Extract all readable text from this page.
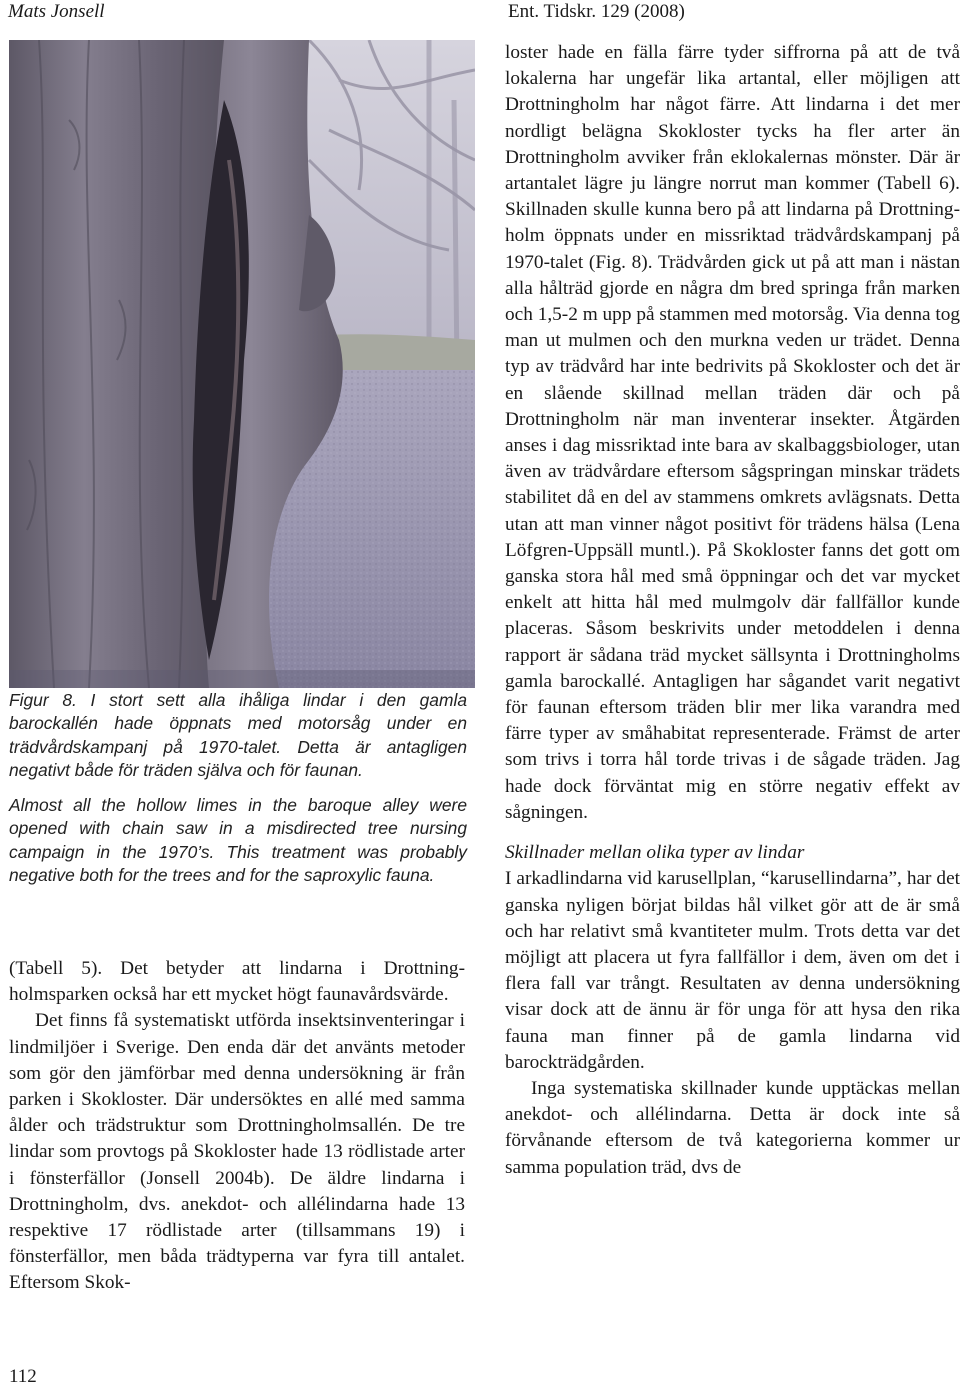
Mats Jonsell	Ent. Tidskr. 129 (2008)
Figur 8. I stort sett alla ihåliga lindar i den gamla barockallén hade öppnats med motorsåg under en trädvårdskampanj på 1970-talet. Detta är antagligen negativt både för träden själva och för faunan.
Almost all the hollow limes in the baroque alley were opened with chain saw in a misdirected tree nursing campaign in the 1970’s. This treatment was probably negative both for the trees and for the saproxylic fauna.

(Tabell 5). Det betyder att lindarna i Drottningholmsparken också har ett mycket högt faunavårdsvärde.

Det finns få systematiskt utförda insektsinventeringar i lindmiljöer i Sverige. Den enda där det använts metoder som gör den jämförbar med denna undersökning är från parken i Skokloster. Där undersöktes en allé med samma ålder och trädstruktur som Drottningholmsallén. De tre lindar som provtogs på Skokloster hade 13 rödlistade arter i fönsterfällor (Jonsell 2004b). De äldre lindarna i Drottningholm, dvs. anekdot- och allélindarna hade 13 respektive 17 rödlistade arter (tillsammans 19) i fönsterfällor, men båda trädtyperna var fyra till antalet. Eftersom Skok-

loster hade en fälla färre tyder siffrorna på att de två lokalerna har ungefär lika artantal, eller möjligen att Drottningholm har något färre. Att lindarna i det mer nordligt belägna Skokloster tycks ha fler arter än Drottningholm avviker från eklokalernas mönster. Där är artantalet lägre ju längre norrut man kommer (Tabell 6). Skillnaden skulle kunna bero på att lindarna på Drottningholm öppnats under en missriktad trädvårdskampanj på 1970-talet (Fig. 8). Trädvården gick ut på att man i nästan alla hålträd gjorde en några dm bred springa från marken och 1,5-2 m upp på stammen med motorsåg. Via denna tog man ut mulmen och den murkna veden ur trädet. Denna typ av trädvård har inte bedrivits på Skokloster och det är en slående skillnad mellan träden där och på Drottningholm när man inventerar insekter. Åtgärden anses i dag missriktad inte bara av skalbaggsbiologer, utan även av trädvårdare eftersom sågspringan minskar trädets stabilitet då en del av stammens omkrets avlägsnats. Detta utan att man vinner något positivt för trädens hälsa (Lena Löfgren-Uppsäll muntl.). På Skokloster fanns det gott om ganska stora hål med små öppningar och det var mycket enkelt att hitta hål med mulmgolv där fallfällor kunde placeras. Såsom beskrivits under metoddelen i denna rapport är sådana träd mycket sällsynta i Drottningholms gamla barockallé. Antagligen har sågandet varit negativt för faunan eftersom träden blir mer lika varandra med färre typer av småhabitat representerade. Främst de arter som trivs i torra hål torde trivas i de sågade träden. Jag hade dock förväntat mig en större negativ effekt av sågningen.

Skillnader mellan olika typer av lindar

I arkadlindarna vid karusellplan, “karusellindarna”, har det ganska nyligen börjat bildas hål vilket gör att de är små och har relativt små kvantiteter mulm. Trots detta var det möjligt att placera ut fyra fallfällor i dem, även om det i flera fall var trångt. Resultaten av denna undersökning visar dock att de ännu är för unga för att hysa den rika fauna man finner på de gamla lindarna vid barockträdgården.

Inga systematiska skillnader kunde upptäckas mellan anekdot- och allélindarna. Detta är dock inte så förvånande eftersom de två kategorierna kommer ur samma population träd, dvs de

112
